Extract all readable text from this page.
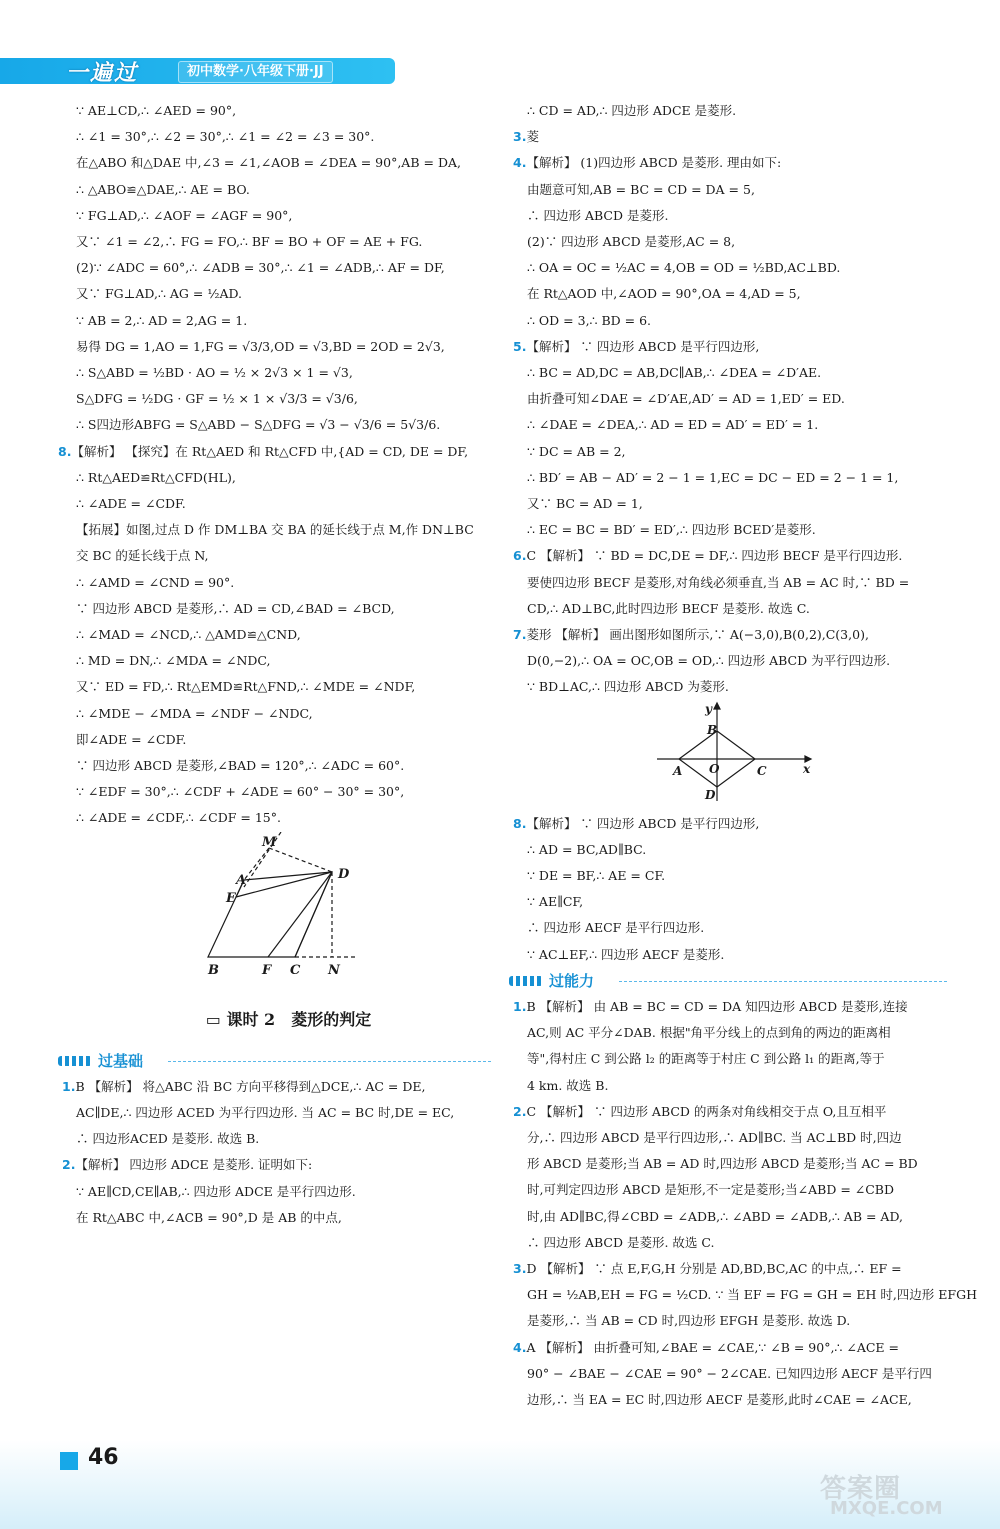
一遍过	初中数学·八年级下册·JJ
∵ AE⊥CD,∴ ∠AED = 90°,
∴ ∠1 = 30°,∴ ∠2 = 30°,∴ ∠1 = ∠2 = ∠3 = 30°.
在△ABO 和△DAE 中,∠3 = ∠1,∠AOB = ∠DEA = 90°,AB = DA,
∴ △ABO≌△DAE,∴ AE = BO.
∵ FG⊥AD,∴ ∠AOF = ∠AGF = 90°,
又∵ ∠1 = ∠2,∴ FG = FO,∴ BF = BO + OF = AE + FG.
(2)∵ ∠ADC = 60°,∴ ∠ADB = 30°,∴ ∠1 = ∠ADB,∴ AF = DF,
又∵ FG⊥AD,∴ AG = ½AD.
∵ AB = 2,∴ AD = 2,AG = 1.
易得 DG = 1,AO = 1,FG = √3/3,OD = √3,BD = 2OD = 2√3,
∴ S△ABD = ½BD · AO = ½ × 2√3 × 1 = √3,
S△DFG = ½DG · GF = ½ × 1 × √3/3 = √3/6,
∴ S四边形ABFG = S△ABD − S△DFG = √3 − √3/6 = 5√3/6.
8.【解析】 【探究】在 Rt△AED 和 Rt△CFD 中,{AD = CD, DE = DF,
∴ Rt△AED≌Rt△CFD(HL),
∴ ∠ADE = ∠CDF.
【拓展】如图,过点 D 作 DM⊥BA 交 BA 的延长线于点 M,作 DN⊥BC
交 BC 的延长线于点 N,
∴ ∠AMD = ∠CND = 90°.
∵ 四边形 ABCD 是菱形,∴ AD = CD,∠BAD = ∠BCD,
∴ ∠MAD = ∠NCD,∴ △AMD≌△CND,
∴ MD = DN,∴ ∠MDA = ∠NDC,
又∵ ED = FD,∴ Rt△EMD≌Rt△FND,∴ ∠MDE = ∠NDF,
∴ ∠MDE − ∠MDA = ∠NDF − ∠NDC,
即∠ADE = ∠CDF.
∵ 四边形 ABCD 是菱形,∠BAD = 120°,∴ ∠ADC = 60°.
∵ ∠EDF = 30°,∴ ∠CDF + ∠ADE = 60° − 30° = 30°,
∴ ∠ADE = ∠CDF,∴ ∠CDF = 15°.
M
A	D
E
B	F C N
▭ 课时 2　菱形的判定
过基础
1.B 【解析】 将△ABC 沿 BC 方向平移得到△DCE,∴ AC = DE,
AC∥DE,∴ 四边形 ACED 为平行四边形. 当 AC = BC 时,DE = EC,
∴ 四边形ACED 是菱形. 故选 B.
2.【解析】 四边形 ADCE 是菱形. 证明如下:
∵ AE∥CD,CE∥AB,∴ 四边形 ADCE 是平行四边形.
在 Rt△ABC 中,∠ACB = 90°,D 是 AB 的中点,
∴ CD = AD,∴ 四边形 ADCE 是菱形.
3.菱
4.【解析】 (1)四边形 ABCD 是菱形. 理由如下:
由题意可知,AB = BC = CD = DA = 5,
∴ 四边形 ABCD 是菱形.
(2)∵ 四边形 ABCD 是菱形,AC = 8,
∴ OA = OC = ½AC = 4,OB = OD = ½BD,AC⊥BD.
在 Rt△AOD 中,∠AOD = 90°,OA = 4,AD = 5,
∴ OD = 3,∴ BD = 6.
5.【解析】 ∵ 四边形 ABCD 是平行四边形,
∴ BC = AD,DC = AB,DC∥AB,∴ ∠DEA = ∠D′AE.
由折叠可知∠DAE = ∠D′AE,AD′ = AD = 1,ED′ = ED.
∴ ∠DAE = ∠DEA,∴ AD = ED = AD′ = ED′ = 1.
∵ DC = AB = 2,
∴ BD′ = AB − AD′ = 2 − 1 = 1,EC = DC − ED = 2 − 1 = 1,
又∵ BC = AD = 1,
∴ EC = BC = BD′ = ED′,∴ 四边形 BCED′是菱形.
6.C 【解析】 ∵ BD = DC,DE = DF,∴ 四边形 BECF 是平行四边形.
要使四边形 BECF 是菱形,对角线必须垂直,当 AB = AC 时,∵ BD =
CD,∴ AD⊥BC,此时四边形 BECF 是菱形. 故选 C.
7.菱形 【解析】 画出图形如图所示,∵ A(−3,0),B(0,2),C(3,0),
D(0,−2),∴ OA = OC,OB = OD,∴ 四边形 ABCD 为平行四边形.
∵ BD⊥AC,∴ 四边形 ABCD 为菱形.
y
x
B
A O	C
D
8.【解析】 ∵ 四边形 ABCD 是平行四边形,
∴ AD = BC,AD∥BC.
∵ DE = BF,∴ AE = CF.
∵ AE∥CF,
∴ 四边形 AECF 是平行四边形.
∵ AC⊥EF,∴ 四边形 AECF 是菱形.
过能力
1.B 【解析】 由 AB = BC = CD = DA 知四边形 ABCD 是菱形,连接
AC,则 AC 平分∠DAB. 根据"角平分线上的点到角的两边的距离相
等",得村庄 C 到公路 l₂ 的距离等于村庄 C 到公路 l₁ 的距离,等于
4 km. 故选 B.
2.C 【解析】 ∵ 四边形 ABCD 的两条对角线相交于点 O,且互相平
分,∴ 四边形 ABCD 是平行四边形,∴ AD∥BC. 当 AC⊥BD 时,四边
形 ABCD 是菱形;当 AB = AD 时,四边形 ABCD 是菱形;当 AC = BD
时,可判定四边形 ABCD 是矩形,不一定是菱形;当∠ABD = ∠CBD
时,由 AD∥BC,得∠CBD = ∠ADB,∴ ∠ABD = ∠ADB,∴ AB = AD,
∴ 四边形 ABCD 是菱形. 故选 C.
3.D 【解析】 ∵ 点 E,F,G,H 分别是 AD,BD,BC,AC 的中点,∴ EF =
GH = ½AB,EH = FG = ½CD. ∵ 当 EF = FG = GH = EH 时,四边形 EFGH
是菱形,∴ 当 AB = CD 时,四边形 EFGH 是菱形. 故选 D.
4.A 【解析】 由折叠可知,∠BAE = ∠CAE,∵ ∠B = 90°,∴ ∠ACE =
90° − ∠BAE − ∠CAE = 90° − 2∠CAE. 已知四边形 AECF 是平行四
边形,∴ 当 EA = EC 时,四边形 AECF 是菱形,此时∠CAE = ∠ACE,
46
答案圈
MXQE.COM
